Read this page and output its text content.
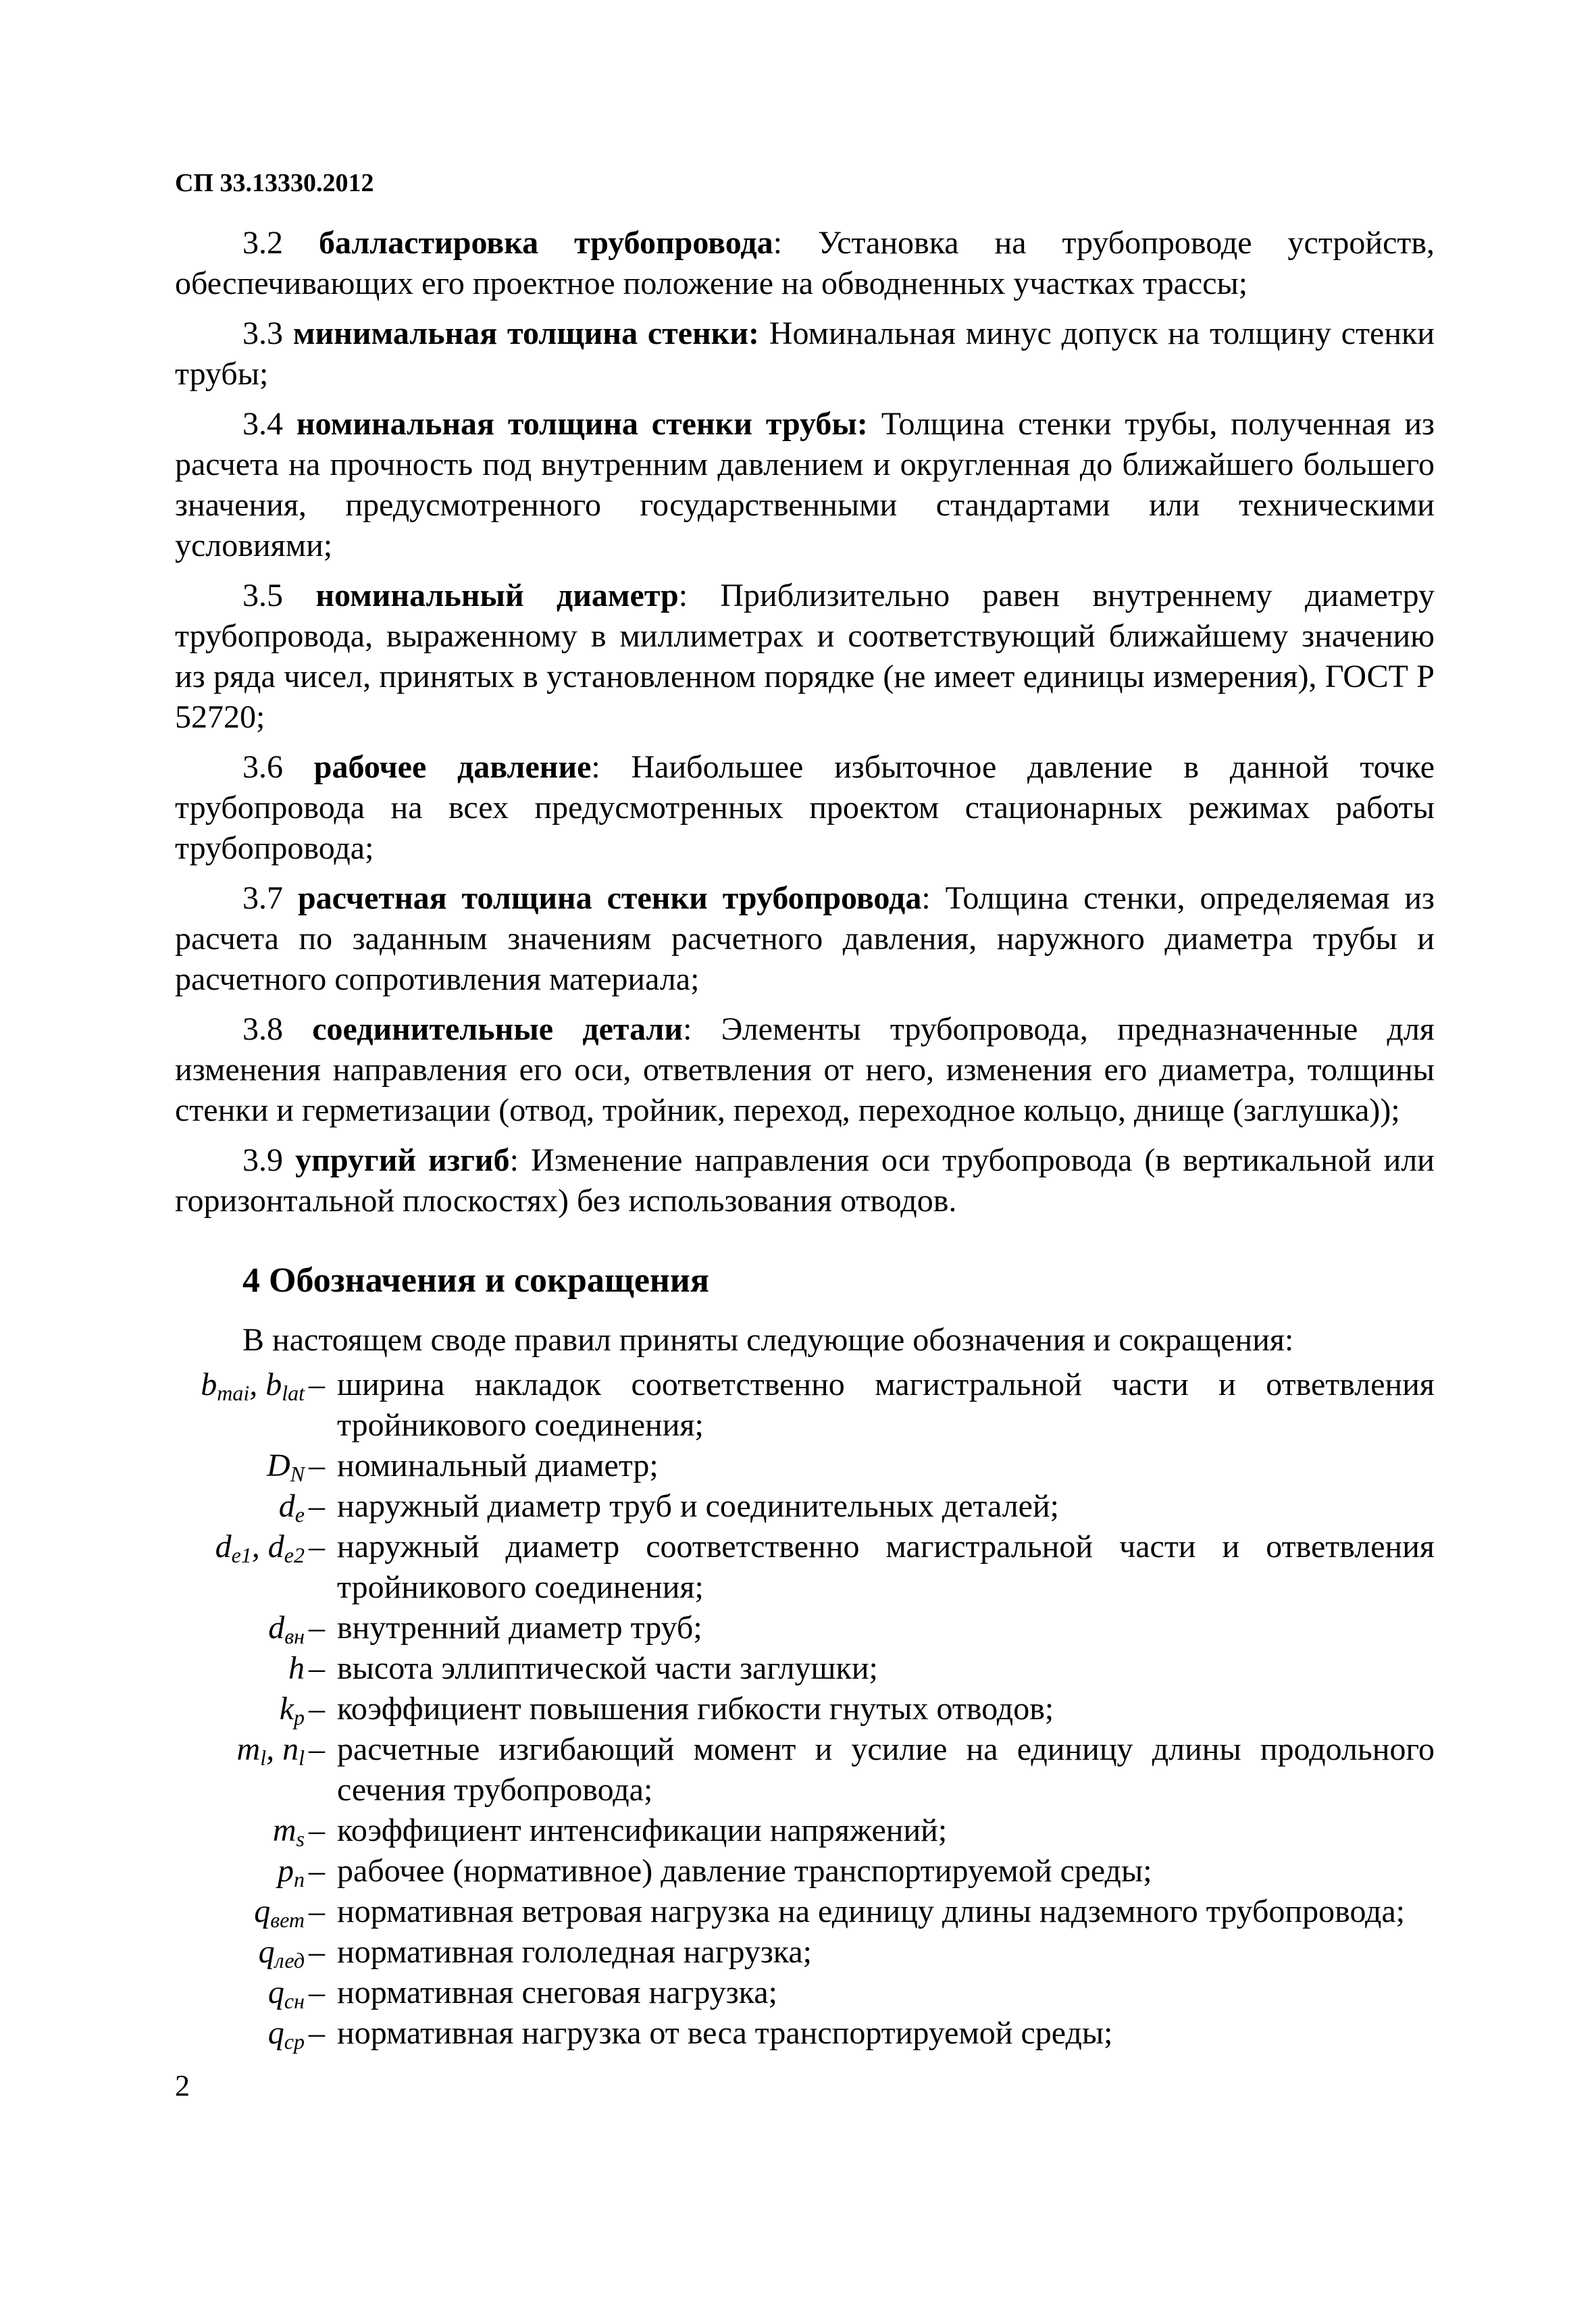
СП 33.13330.2012

3.2 балластировка трубопровода: Установка на трубопроводе устройств, обеспечивающих его проектное положение на обводненных участках трассы;

3.3 минимальная толщина стенки: Номинальная минус допуск на толщину стенки трубы;

3.4 номинальная толщина стенки трубы: Толщина стенки трубы, полученная из расчета на прочность под внутренним давлением и округленная до ближайшего большего значения, предусмотренного государственными стандартами или техническими условиями;

3.5 номинальный диаметр: Приблизительно равен внутреннему диаметру трубопровода, выраженному в миллиметрах и соответствующий ближайшему значению из ряда чисел, принятых в установленном порядке (не имеет единицы измерения), ГОСТ Р 52720;

3.6 рабочее давление: Наибольшее избыточное давление в данной точке трубопровода на всех предусмотренных проектом стационарных режимах работы трубопровода;

3.7 расчетная толщина стенки трубопровода: Толщина стенки, определяемая из расчета по заданным значениям расчетного давления, наружного диаметра трубы и расчетного сопротивления материала;

3.8 соединительные детали: Элементы трубопровода, предназначенные для изменения направления его оси, ответвления от него, изменения его диаметра, толщины стенки и герметизации (отвод, тройник, переход, переходное кольцо, днище (заглушка));

3.9 упругий изгиб: Изменение направления оси трубопровода (в вертикальной или горизонтальной плоскостях) без использования отводов.

4 Обозначения и сокращения

В настоящем своде правил приняты следующие обозначения и сокращения:

$b_{mai}$, $b_{lat}$ – ширина накладок соответственно магистральной части и ответвления тройникового соединения;
$D_N$ – номинальный диаметр;
$d_e$ – наружный диаметр труб и соединительных деталей;
$d_{e1}$, $d_{e2}$ – наружный диаметр соответственно магистральной части и ответвления тройникового соединения;
$d_{вн}$ – внутренний диаметр труб;
h – высота эллиптической части заглушки;
$k_p$ – коэффициент повышения гибкости гнутых отводов;
$m_l$, $n_l$ – расчетные изгибающий момент и усилие на единицу длины продольного сечения трубопровода;
$m_s$ – коэффициент интенсификации напряжений;
$p_n$ – рабочее (нормативное) давление транспортируемой среды;
$q_{вет}$ – нормативная ветровая нагрузка на единицу длины надземного трубопровода;
$q_{лед}$ – нормативная гололедная нагрузка;
$q_{сн}$ – нормативная снеговая нагрузка;
$q_{ср}$ – нормативная нагрузка от веса транспортируемой среды;

2
